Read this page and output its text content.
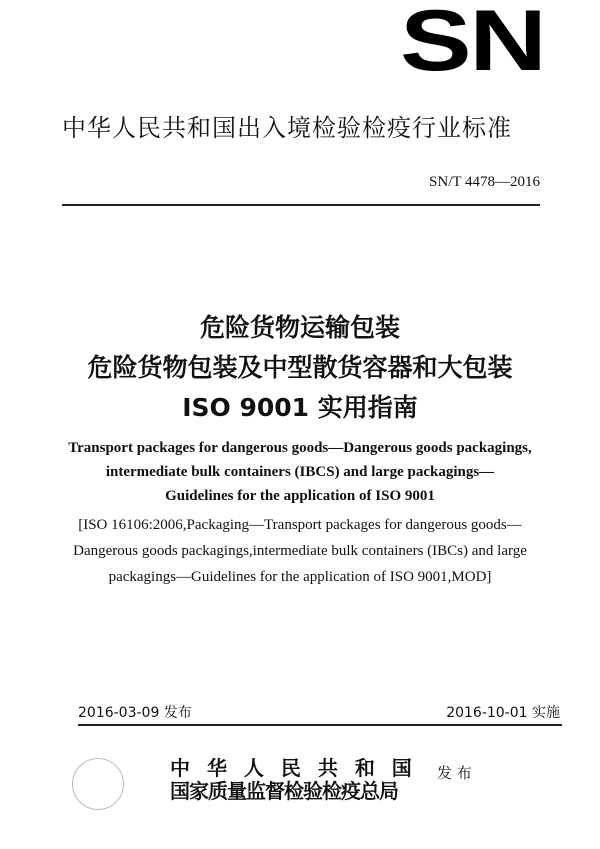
SN
中华人民共和国出入境检验检疫行业标准
SN/T 4478—2016
危险货物运输包装
危险货物包装及中型散货容器和大包装
ISO 9001 实用指南
Transport packages for dangerous goods—Dangerous goods packagings,
intermediate bulk containers (IBCS) and large packagings—
Guidelines for the application of ISO 9001
[ISO 16106:2006,Packaging—Transport packages for dangerous goods—
Dangerous goods packagings,intermediate bulk containers (IBCs) and large
packagings—Guidelines for the application of ISO 9001,MOD]
2016-03-09 发布	2016-10-01 实施
中 华 人 民 共 和 国
国家质量监督检验检疫总局
发 布
